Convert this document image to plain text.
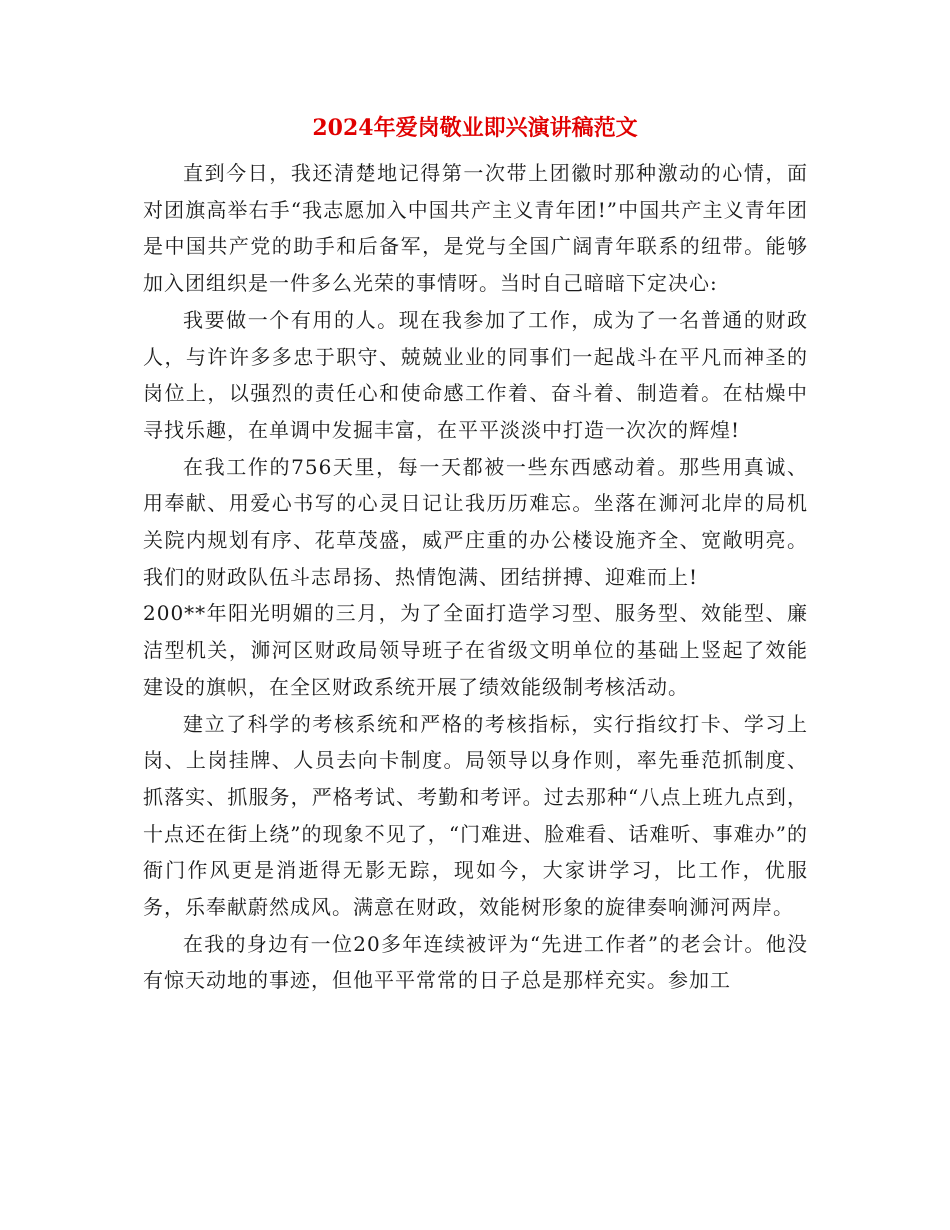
2024年爱岗敬业即兴演讲稿范文

直到今日，我还清楚地记得第一次带上团徽时那种激动的心情，面对团旗高举右手“我志愿加入中国共产主义青年团!”中国共产主义青年团是中国共产党的助手和后备军，是党与全国广阔青年联系的纽带。能够加入团组织是一件多么光荣的事情呀。当时自己暗暗下定决心:

我要做一个有用的人。现在我参加了工作，成为了一名普通的财政人，与许许多多忠于职守、兢兢业业的同事们一起战斗在平凡而神圣的岗位上，以强烈的责任心和使命感工作着、奋斗着、制造着。在枯燥中寻找乐趣，在单调中发掘丰富，在平平淡淡中打造一次次的辉煌!

在我工作的756天里，每一天都被一些东西感动着。那些用真诚、用奉献、用爱心书写的心灵日记让我历历难忘。坐落在浉河北岸的局机关院内规划有序、花草茂盛，威严庄重的办公楼设施齐全、宽敞明亮。我们的财政队伍斗志昂扬、热情饱满、团结拼搏、迎难而上!

200**年阳光明媚的三月，为了全面打造学习型、服务型、效能型、廉洁型机关，浉河区财政局领导班子在省级文明单位的基础上竖起了效能建设的旗帜，在全区财政系统开展了绩效能级制考核活动。

建立了科学的考核系统和严格的考核指标，实行指纹打卡、学习上岗、上岗挂牌、人员去向卡制度。局领导以身作则，率先垂范抓制度、抓落实、抓服务，严格考试、考勤和考评。过去那种“八点上班九点到，十点还在街上绕”的现象不见了，“门难进、脸难看、话难听、事难办”的衙门作风更是消逝得无影无踪，现如今，大家讲学习，比工作，优服务，乐奉献蔚然成风。满意在财政，效能树形象的旋律奏响浉河两岸。

在我的身边有一位20多年连续被评为“先进工作者”的老会计。他没有惊天动地的事迹，但他平平常常的日子总是那样充实。参加工
